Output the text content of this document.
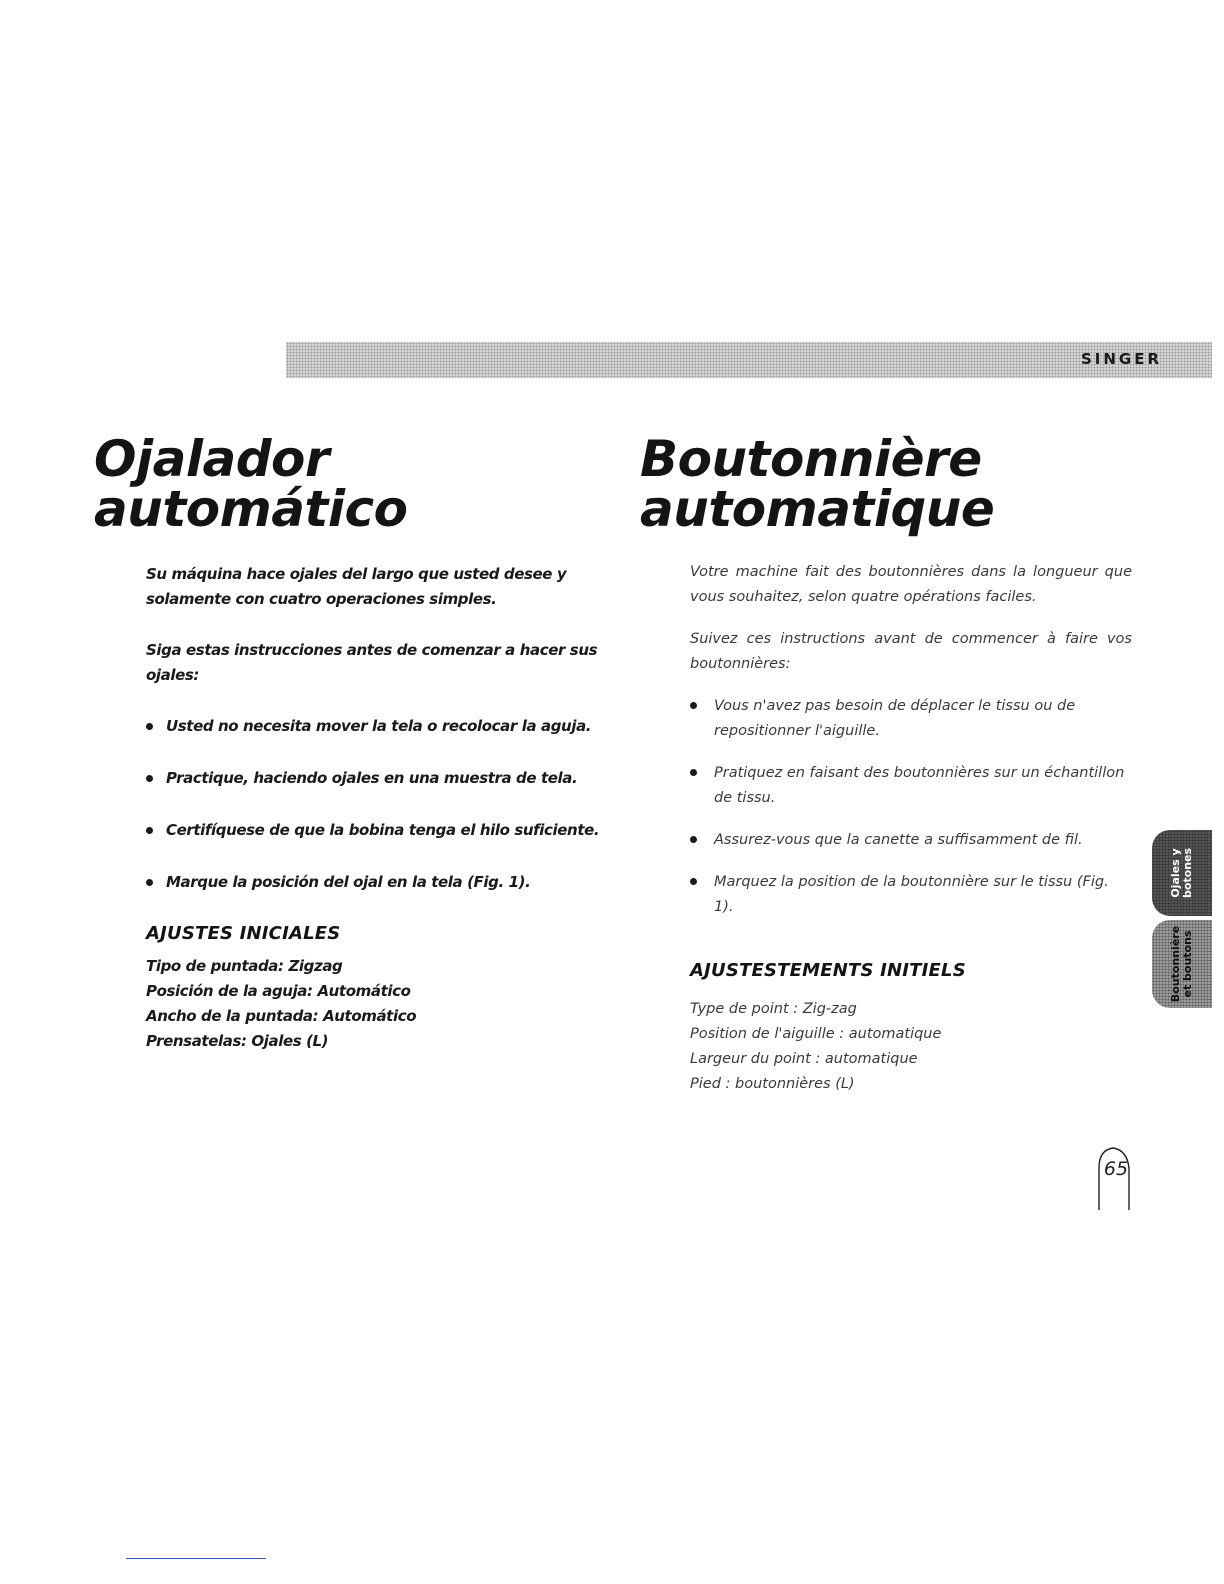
SINGER
Ojalador
automático
Boutonnière
automatique

Su máquina hace ojales del largo que usted desee y solamente con cuatro operaciones simples.

Siga estas instrucciones antes de comenzar a hacer sus ojales:

Usted no necesita mover la tela o recolocar la aguja.
Practique, haciendo ojales en una muestra de tela.
Certifíquese de que la bobina tenga el hilo suficiente.
Marque la posición del ojal en la tela (Fig. 1).
AJUSTES INICIALES
Tipo de puntada: Zigzag
Posición de la aguja: Automático
Ancho de la puntada: Automático
Prensatelas: Ojales (L)

Votre machine fait des boutonnières dans la longueur que vous souhaitez, selon quatre opérations faciles.

Suivez ces instructions avant de commencer à faire vos boutonnières:

Vous n'avez pas besoin de déplacer le tissu ou de repositionner l'aiguille.
Pratiquez en faisant des boutonnières sur un échantillon de tissu.
Assurez-vous que la canette a suffisamment de fil.
Marquez la position de la boutonnière sur le tissu (Fig. 1).
AJUSTESTEMENTS INITIELS
Type de point : Zig-zag
Position de l'aiguille : automatique
Largeur du point : automatique
Pied : boutonnières (L)
Ojales y botones
Boutonnière et boutons
65
